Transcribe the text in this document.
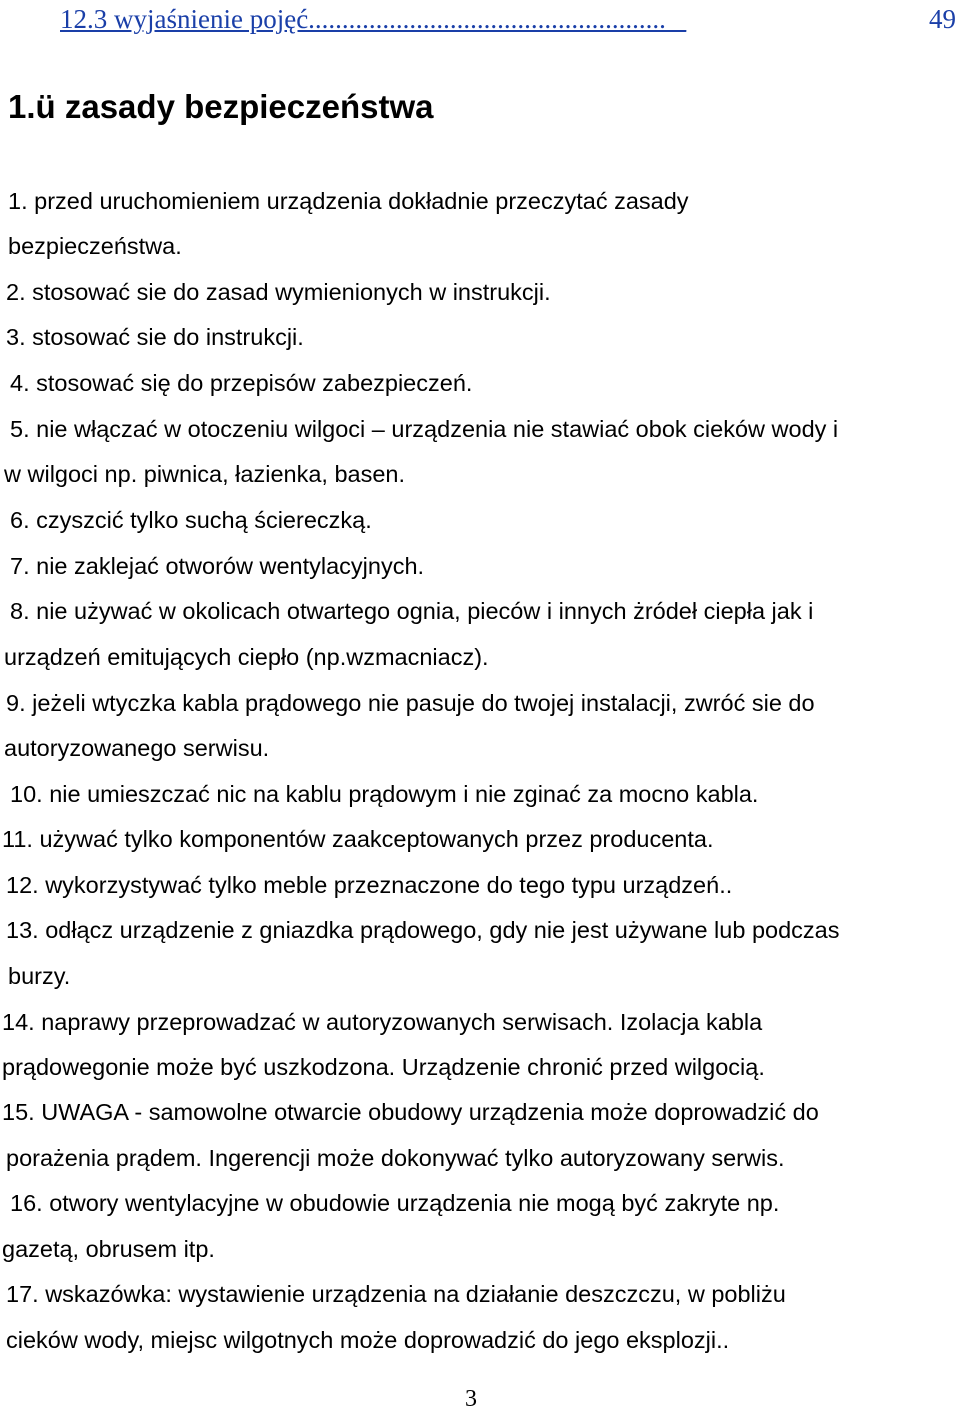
12.3 wyjaśnienie pojęć..................................................... _	49
1.ü zasady bezpieczeństwa
1. przed uruchomieniem urządzenia dokładnie przeczytać zasady
bezpieczeństwa.
2. stosować sie do zasad wymienionych w instrukcji.
3. stosować sie do instrukcji.
4. stosować się do przepisów zabezpieczeń.
5. nie włączać w otoczeniu wilgoci – urządzenia nie stawiać obok cieków wody i
w wilgoci np. piwnica, łazienka, basen.
6. czyszcić tylko suchą ściereczką.
7. nie zaklejać otworów wentylacyjnych.
8. nie używać w okolicach otwartego ognia, pieców i innych żródeł ciepła jak i
urządzeń emitujących ciepło (np.wzmacniacz).
9. jeżeli wtyczka kabla prądowego nie pasuje do twojej instalacji, zwróć sie do
autoryzowanego serwisu.
10. nie umieszczać nic na kablu prądowym i nie zginać za mocno kabla.
11. używać tylko komponentów zaakceptowanych przez producenta.
12. wykorzystywać tylko meble przeznaczone do tego typu urządzeń..
13. odłącz urządzenie z gniazdka prądowego, gdy nie jest używane lub podczas
burzy.
14. naprawy przeprowadzać w autoryzowanych serwisach. Izolacja kabla
prądowegonie może być uszkodzona. Urządzenie chronić przed wilgocią.
15. UWAGA - samowolne otwarcie obudowy urządzenia może doprowadzić do
porażenia prądem. Ingerencji może dokonywać tylko autoryzowany serwis.
16. otwory wentylacyjne w obudowie urządzenia nie mogą być zakryte np.
gazetą, obrusem itp.
17. wskazówka: wystawienie urządzenia na działanie deszczczu, w pobliżu
cieków wody, miejsc wilgotnych może doprowadzić do jego eksplozji..
3
